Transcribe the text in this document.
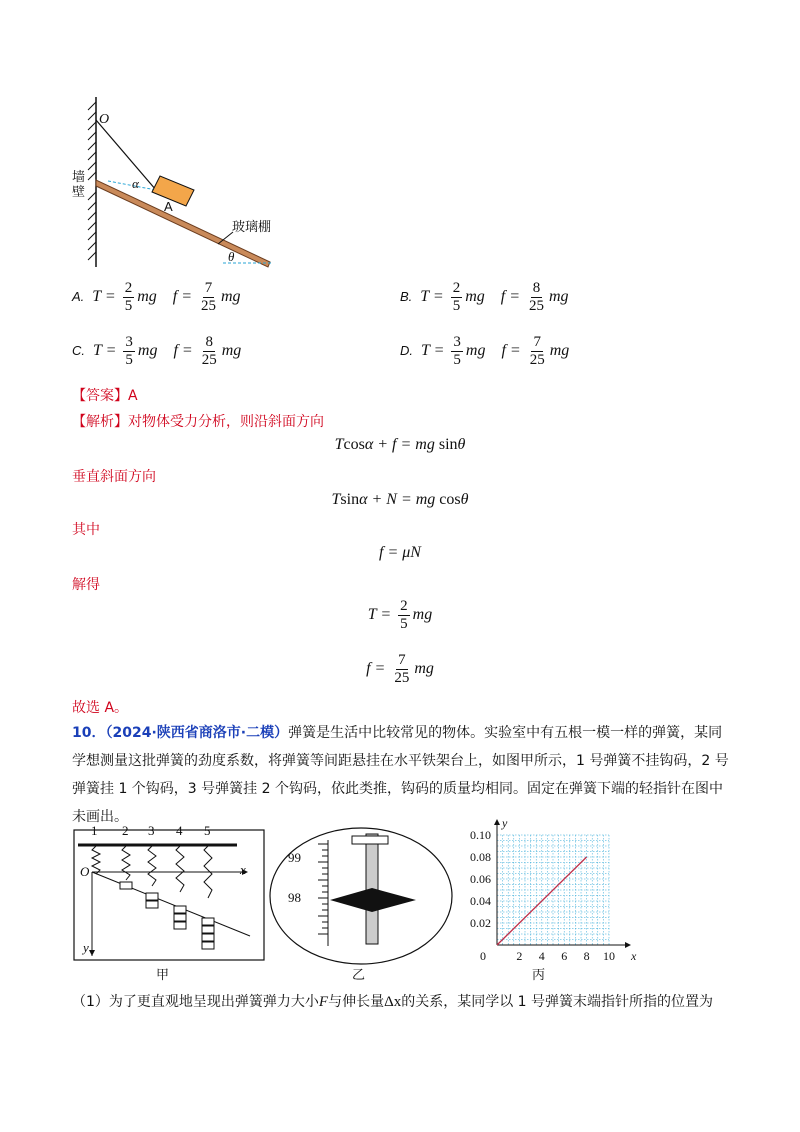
O
墙
壁
α
A
玻璃棚
θ
A. $T = \frac{2}{5}$ mg    $f = \frac{7}{25}$ mg	B. $T = \frac{2}{5}$ mg    $f = \frac{8}{25}$ mg
C. $T = \frac{3}{5}$ mg    $f = \frac{8}{25}$ mg	D. $T = \frac{3}{5}$ mg    $f = \frac{7}{25}$ mg
【答案】A
【解析】对物体受力分析，则沿斜面方向
Tcosα + f = mg sinθ
垂直斜面方向
Tsinα + N = mg cosθ
其中
f = μN
解得
$T = \frac{2}{5}$ mg
$f = \frac{7}{25}$ mg
故选 A。
10．（2024·陕西省商洛市·二模）弹簧是生活中比较常见的物体。实验室中有五根一模一样的弹簧，某同
学想测量这批弹簧的劲度系数，将弹簧等间距悬挂在水平铁架台上，如图甲所示，1 号弹簧不挂钩码，2 号
弹簧挂 1 个钩码，3 号弹簧挂 2 个钩码，依此类推，钩码的质量均相同。固定在弹簧下端的轻指针在图中
未画出。
1 2 3 4 5
O	x
y
甲
99
98
乙
0.02
0.04
0.06
0.08
0.10
2 4 6 8 10
0	x
y
丙
（1）为了更直观地呈现出弹簧弹力大小F与伸长量Δx的关系，某同学以 1 号弹簧末端指针所指的位置为
